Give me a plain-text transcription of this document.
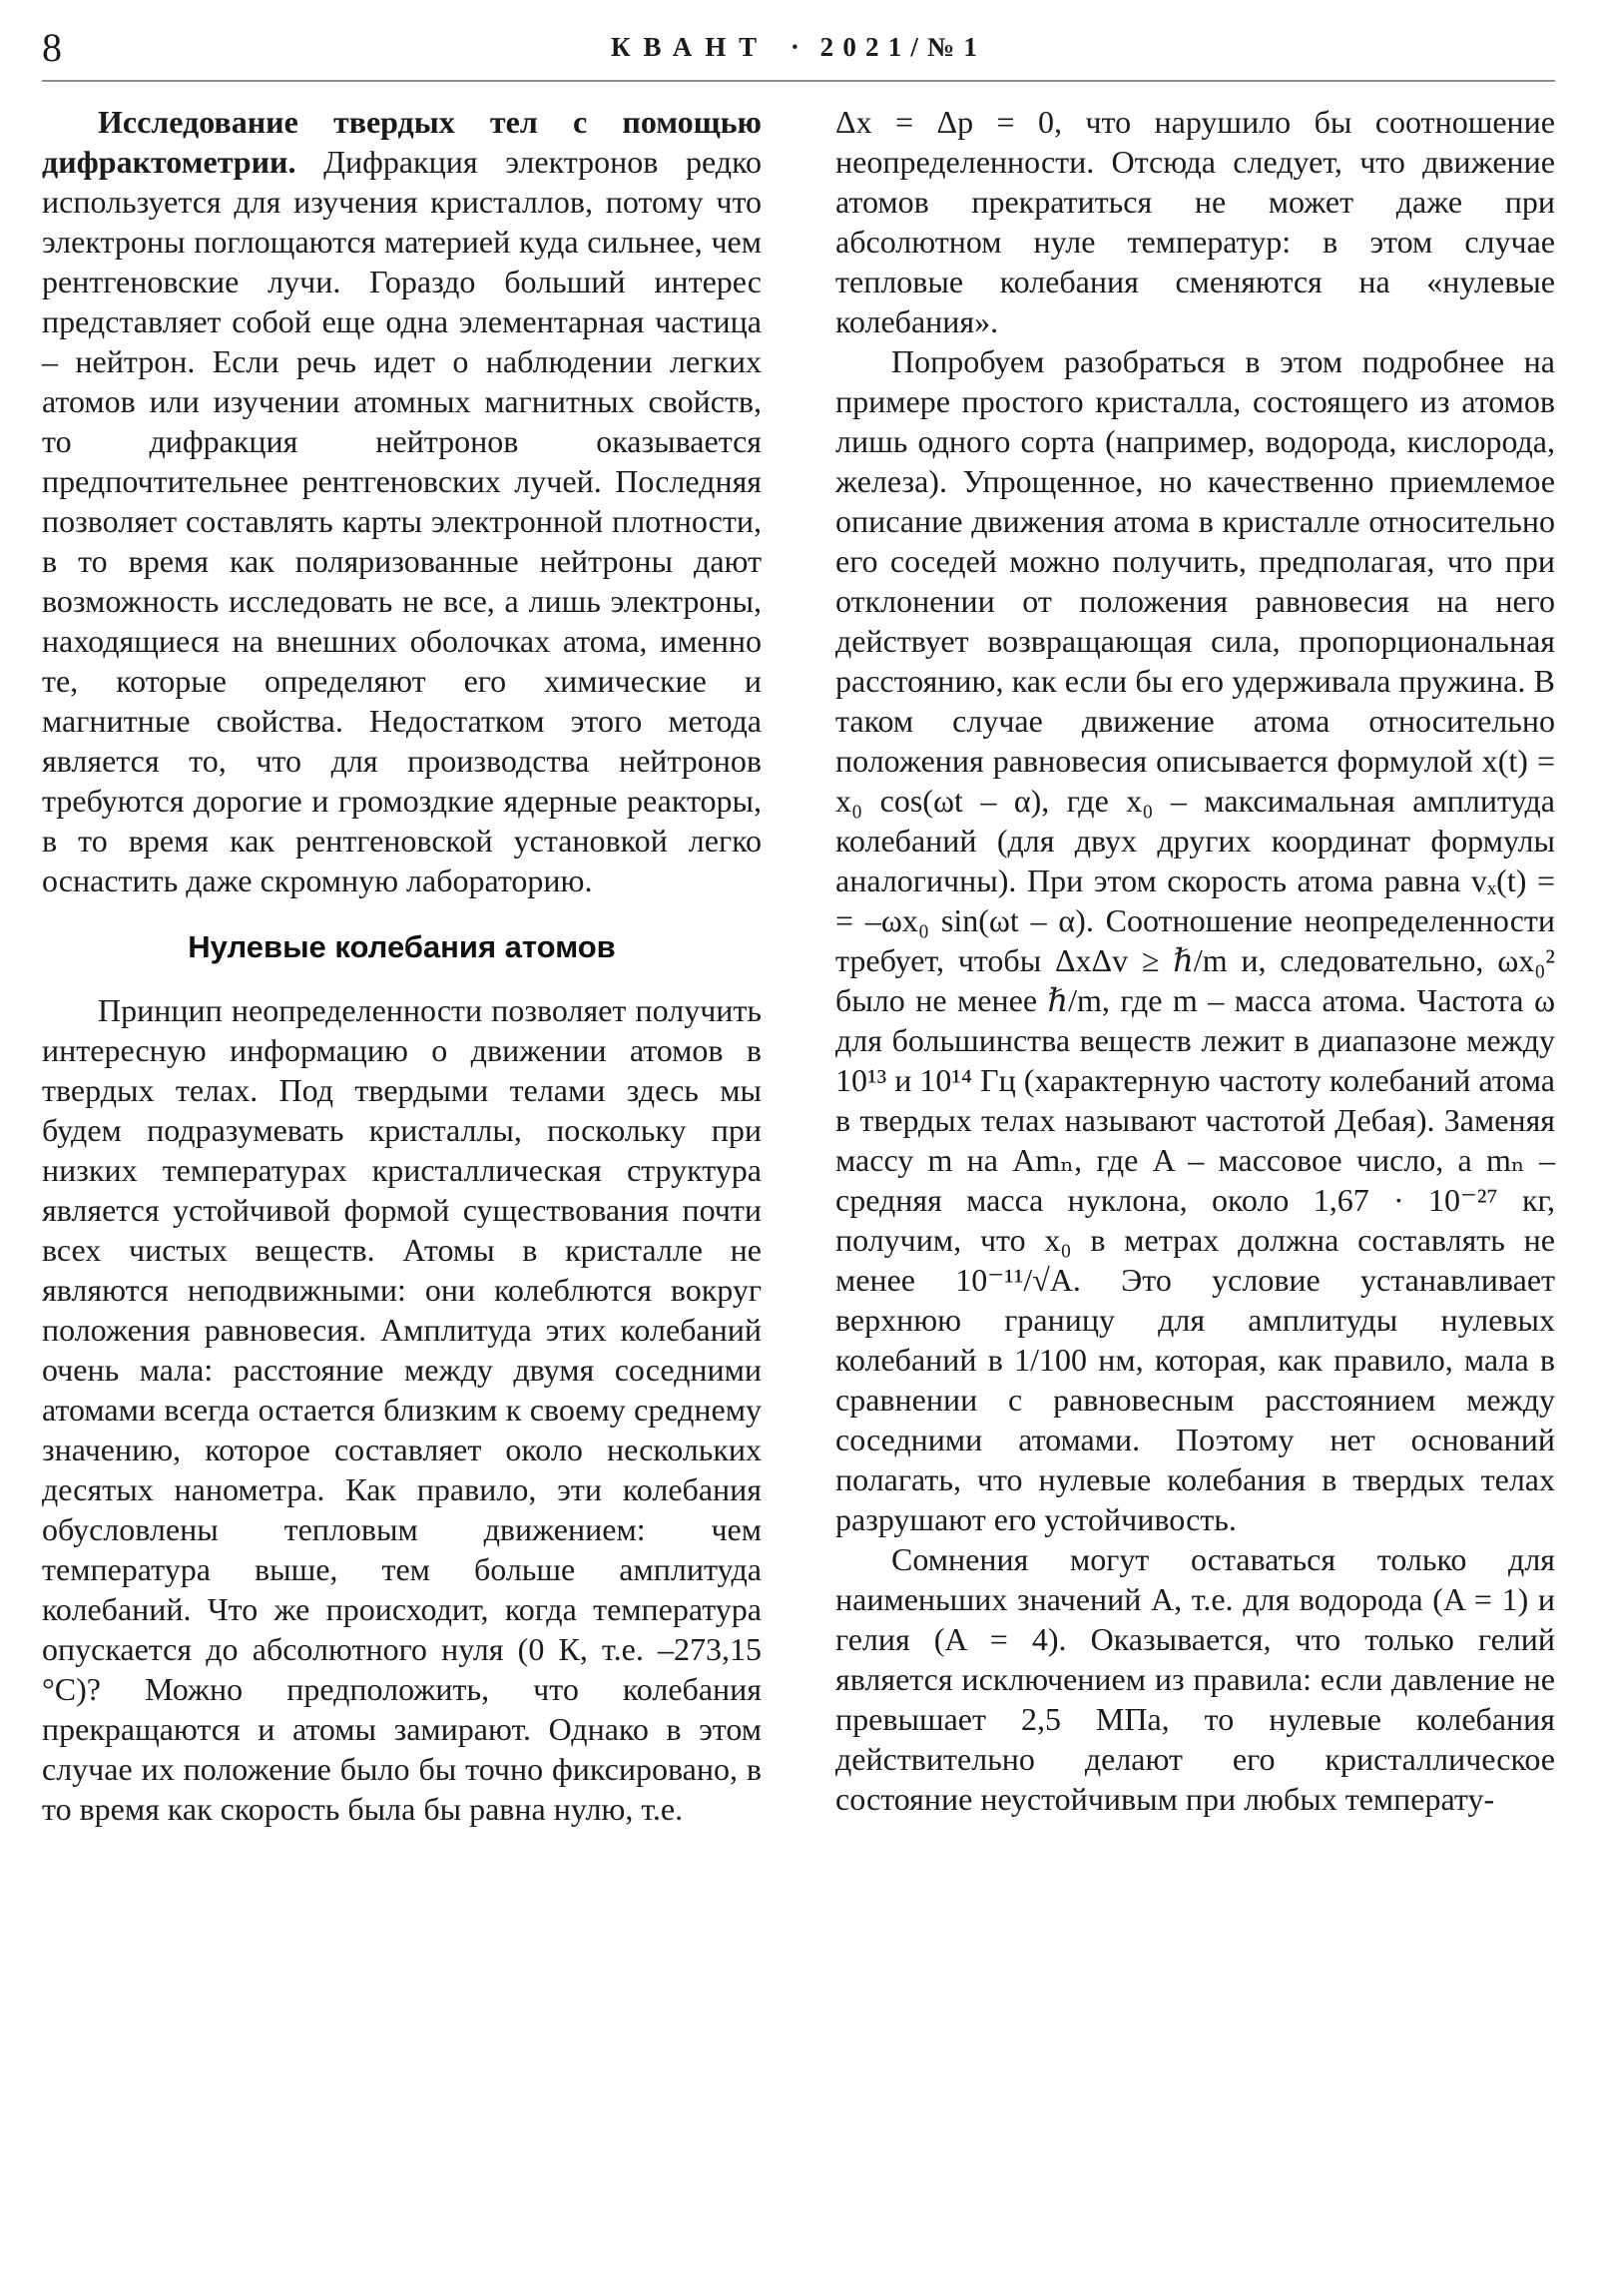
8	КВАНТ · 2021/№1

Исследование твердых тел с помощью дифрактометрии. Дифракция электронов редко используется для изучения кристаллов, потому что электроны поглощаются материей куда сильнее, чем рентгеновские лучи. Гораздо больший интерес представляет собой еще одна элементарная частица – нейтрон. Если речь идет о наблюдении легких атомов или изучении атомных магнитных свойств, то дифракция нейтронов оказывается предпочтительнее рентгеновских лучей. Последняя позволяет составлять карты электронной плотности, в то время как поляризованные нейтроны дают возможность исследовать не все, а лишь электроны, находящиеся на внешних оболочках атома, именно те, которые определяют его химические и магнитные свойства. Недостатком этого метода является то, что для производства нейтронов требуются дорогие и громоздкие ядерные реакторы, в то время как рентгеновской установкой легко оснастить даже скромную лабораторию.

Нулевые колебания атомов

Принцип неопределенности позволяет получить интересную информацию о движении атомов в твердых телах. Под твердыми телами здесь мы будем подразумевать кристаллы, поскольку при низких температурах кристаллическая структура является устойчивой формой существования почти всех чистых веществ. Атомы в кристалле не являются неподвижными: они колеблются вокруг положения равновесия. Амплитуда этих колебаний очень мала: расстояние между двумя соседними атомами всегда остается близким к своему среднему значению, которое составляет около нескольких десятых нанометра. Как правило, эти колебания обусловлены тепловым движением: чем температура выше, тем больше амплитуда колебаний. Что же происходит, когда температура опускается до абсолютного нуля (0 К, т.е. –273,15 °С)? Можно предположить, что колебания прекращаются и атомы замирают. Однако в этом случае их положение было бы точно фиксировано, в то время как скорость была бы равна нулю, т.е.

Δx = Δp = 0, что нарушило бы соотношение неопределенности. Отсюда следует, что движение атомов прекратиться не может даже при абсолютном нуле температур: в этом случае тепловые колебания сменяются на «нулевые колебания».

Попробуем разобраться в этом подробнее на примере простого кристалла, состоящего из атомов лишь одного сорта (например, водорода, кислорода, железа). Упрощенное, но качественно приемлемое описание движения атома в кристалле относительно его соседей можно получить, предполагая, что при отклонении от положения равновесия на него действует возвращающая сила, пропорциональная расстоянию, как если бы его удерживала пружина. В таком случае движение атома относительно положения равновесия описывается формулой x(t) = x₀ cos(ωt – α), где x₀ – максимальная амплитуда колебаний (для двух других координат формулы аналогичны). При этом скорость атома равна vₓ(t) = = –ωx₀ sin(ωt – α). Соотношение неопределенности требует, чтобы ΔxΔv ≥ ℏ/m и, следовательно, ωx₀² было не менее ℏ/m, где m – масса атома. Частота ω для большинства веществ лежит в диапазоне между 10¹³ и 10¹⁴ Гц (характерную частоту колебаний атома в твердых телах называют частотой Дебая). Заменяя массу m на Amₙ, где A – массовое число, а mₙ – средняя масса нуклона, около 1,67 · 10⁻²⁷ кг, получим, что x₀ в метрах должна составлять не менее 10⁻¹¹/√A. Это условие устанавливает верхнюю границу для амплитуды нулевых колебаний в 1/100 нм, которая, как правило, мала в сравнении с равновесным расстоянием между соседними атомами. Поэтому нет оснований полагать, что нулевые колебания в твердых телах разрушают его устойчивость.

Сомнения могут оставаться только для наименьших значений A, т.е. для водорода (A = 1) и гелия (A = 4). Оказывается, что только гелий является исключением из правила: если давление не превышает 2,5 МПа, то нулевые колебания действительно делают его кристаллическое состояние неустойчивым при любых температу-
